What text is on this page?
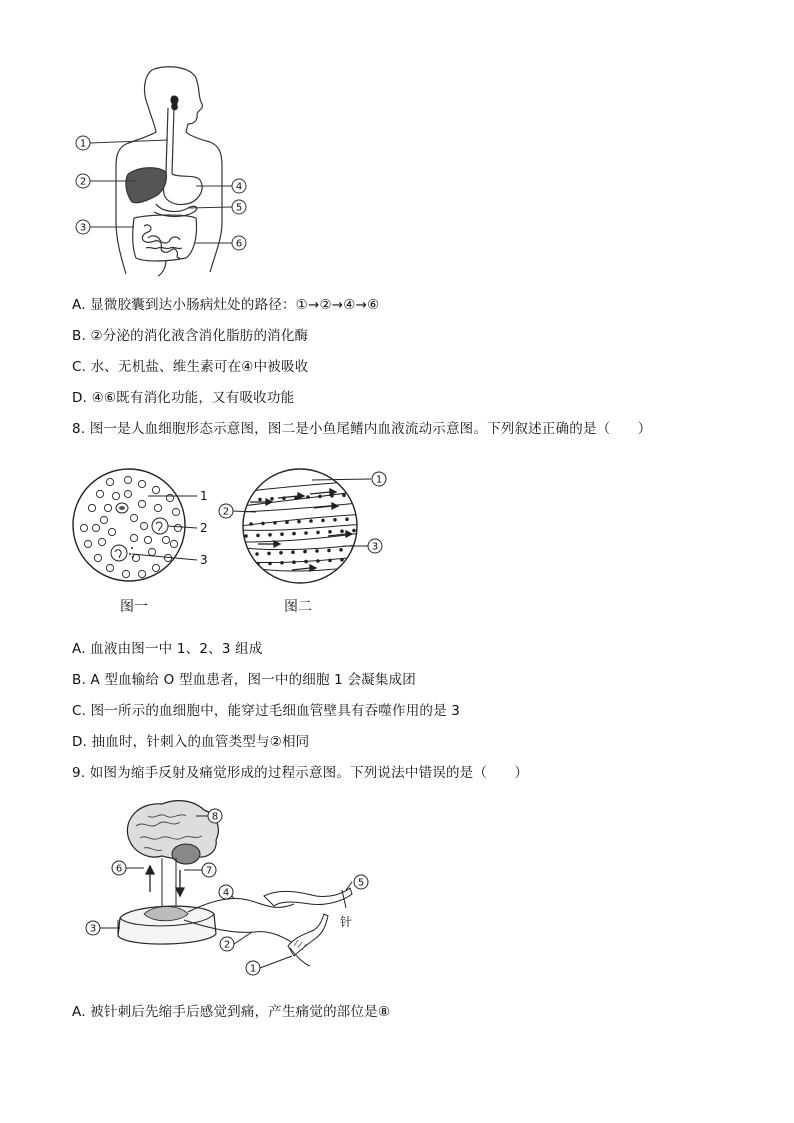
1
2
3
4
5
6
A. 显微胶囊到达小肠病灶处的路径：①→②→④→⑥
B. ②分泌的消化液含消化脂肪的消化酶
C. 水、无机盐、维生素可在④中被吸收
D. ④⑥既有消化功能，又有吸收功能
8. 图一是人血细胞形态示意图，图二是小鱼尾鳍内血液流动示意图。下列叙述正确的是（　　）
1
2
3
1
2
3
图一	图二
A. 血液由图一中 1、2、3 组成
B. A 型血输给 O 型血患者，图一中的细胞 1 会凝集成团
C. 图一所示的血细胞中，能穿过毛细血管壁具有吞噬作用的是 3
D. 抽血时，针刺入的血管类型与②相同
9. 如图为缩手反射及痛觉形成的过程示意图。下列说法中错误的是（　　）
针
8
6	7
4
5
3
2
1
A. 被针刺后先缩手后感觉到痛，产生痛觉的部位是⑧
